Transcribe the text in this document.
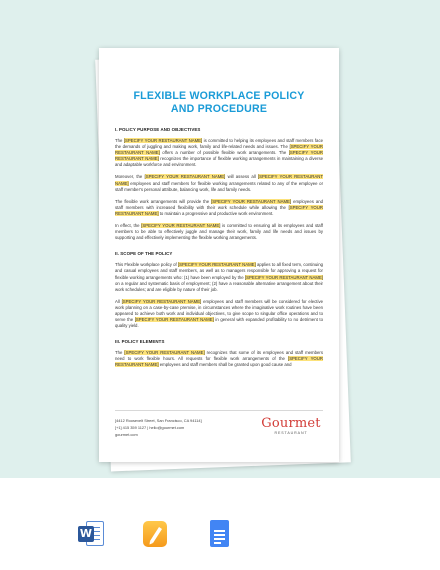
FLEXIBLE WORKPLACE POLICY
AND PROCEDURE
I. POLICY PURPOSE AND OBJECTIVES
The [SPECIFY YOUR RESTAURANT NAME] is committed to helping its employees and staff members face the demands of juggling and making work, family and life-related needs and issues. The [SPECIFY YOUR RESTAURANT NAME] offers a number of possible flexible work arrangements. The [SPECIFY YOUR RESTAURANT NAME] recognizes the importance of flexible working arrangements in maintaining a diverse and adaptable workforce and environment.
Moreover, the [SPECIFY YOUR RESTAURANT NAME] will assess all [SPECIFY YOUR RESTAURANT NAME] employees and staff members for flexible working arrangements related to any of the employee or staff member's personal attribute, balancing work, life and family needs.
The flexible work arrangements will provide the [SPECIFY YOUR RESTAURANT NAME] employees and staff members with increased flexibility with their work schedule while allowing the [SPECIFY YOUR RESTAURANT NAME] to maintain a progressive and productive work environment.
In effect, the [SPECIFY YOUR RESTAURANT NAME] is committed to ensuring all its employees and staff members to be able to effectively juggle and manage their work, family and life needs and issues by supporting and effectively implementing the flexible working arrangements.
II. SCOPE OF THE POLICY
This Flexible workplace policy of [SPECIFY YOUR RESTAURANT NAME] applies to all fixed term, continuing and casual employees and staff members, as well as to managers responsible for approving a request for flexible working arrangements who: (1) have been employed by the [SPECIFY YOUR RESTAURANT NAME] on a regular and systematic basis of employment; (2) have a reasonable alternative arrangement about their work schedules; and are eligible by nature of their job.
All [SPECIFY YOUR RESTAURANT NAME] employees and staff members will be considered for elective work planning on a case-by-case premise, in circumstances where the imaginative work routines have been appeared to achieve both work and individual objectives, to give scope to singular office operations and to serve the [SPECIFY YOUR RESTAURANT NAME] in general with expanded profitability to no detriment to quality yield.
III. POLICY ELEMENTS
The [SPECIFY YOUR RESTAURANT NAME] recognizes that some of its employees and staff members need to work flexible hours. All requests for flexible work arrangements of the [SPECIFY YOUR RESTAURANT NAME] employees and staff members shall be granted upon good cause and
[4412 Roosevelt Street, San Francisco, CA 94114]
[+1] 415 359 1127 | hello@gourmet.com
gourmet.com
Gourmet
RESTAURANT
W
